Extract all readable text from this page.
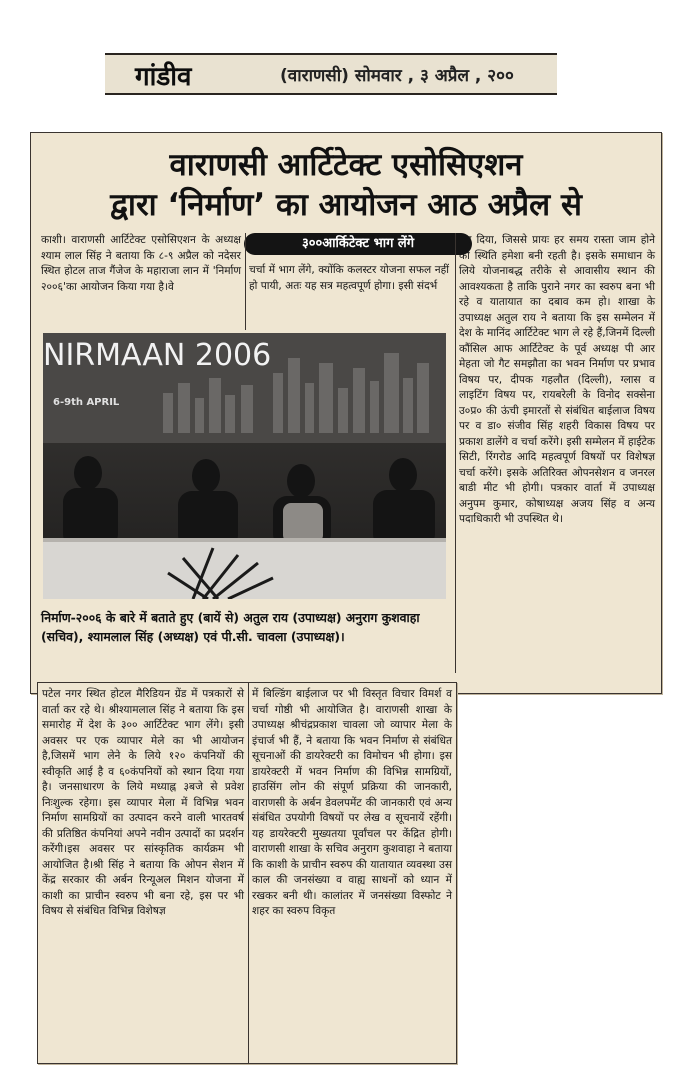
गांडीव	(वाराणसी) सोमवार , ३ अप्रैल , २००
वाराणसी आर्टिटेक्ट एसोसिएशन
द्वारा ‘निर्माण’ का आयोजन आठ अप्रैल से
काशी। वाराणसी आर्टिटेक्ट एसोसिएशन के अध्यक्ष श्याम लाल सिंह ने बताया कि ८-९ अप्रैल को नदेसर स्थित होटल ताज गैंजेज के महाराजा लान में 'निर्माण २००६'का आयोजन किया गया है।वे
३००आर्किटेक्ट भाग लेंगे
चर्चा में भाग लेंगे, क्योंकि कलस्टर योजना सफल नहीं हो पायी, अतः यह सत्र महत्वपूर्ण होगा। इसी संदर्भ
NIRMAAN 2006
6-9th APRIL
निर्माण-२००६ के बारे में बताते हुए (बायें से) अतुल राय (उपाध्यक्ष) अनुराग कुशवाहा (सचिव), श्यामलाल सिंह (अध्यक्ष) एवं पी.सी. चावला (उपाध्यक्ष)।
कर दिया, जिससे प्रायः हर समय रास्ता जाम होने की स्थिति हमेशा बनी रहती है। इसके समाधान के लिये योजनाबद्ध तरीके से आवासीय स्थान की आवश्यकता है ताकि पुराने नगर का स्वरुप बना भी रहे व यातायात का दबाव कम हो। शाखा के उपाध्यक्ष अतुल राय ने बताया कि इस सम्मेलन में देश के मानिंद आर्टिटेक्ट भाग ले रहे हैं,जिनमें दिल्ली कौंसिल आफ आर्टिटेक्ट के पूर्व अध्यक्ष पी आर मेहता जो गैट समझौता का भवन निर्माण पर प्रभाव विषय पर, दीपक गहलौत (दिल्ली), ग्लास व लाइटिंग विषय पर, रायबरेली के विनोद सक्सेना उ०प्र० की ऊंची इमारतों से संबंधित बाईलाज विषय पर व डा० संजीव सिंह शहरी विकास विषय पर प्रकाश डालेंगे व चर्चा करेंगे। इसी सम्मेलन में हाईटेक सिटी, रिंगरोड आदि महत्वपूर्ण विषयों पर विशेषज्ञ चर्चा करेंगे। इसके अतिरिक्त ओपनसेशन व जनरल बाडी मीट भी होगी। पत्रकार वार्ता में उपाध्यक्ष अनुपम कुमार, कोषाध्यक्ष अजय सिंह व अन्य पदाधिकारी भी उपस्थित थे।
पटेल नगर स्थित होटल मैरिडियन ग्रेंड में पत्रकारों से वार्ता कर रहे थे। श्रीश्यामलाल सिंह ने बताया कि इस समारोह में देश के ३०० आर्टिटेक्ट भाग लेंगे। इसी अवसर पर एक व्यापार मेले का भी आयोजन है,जिसमें भाग लेने के लिये १२० कंपनियों की स्वीकृति आई है व ६०कंपनियों को स्थान दिया गया है। जनसाधारण के लिये मध्याह्न ३बजे से प्रवेश निःशुल्क रहेगा। इस व्यापार मेला में विभिन्न भवन निर्माण सामग्रियों का उत्पादन करने वाली भारतवर्ष की प्रतिष्ठित कंपनियां अपने नवीन उत्पादों का प्रदर्शन करेंगी।इस अवसर पर सांस्कृतिक कार्यक्रम भी आयोजित है।श्री सिंह ने बताया कि ओपन सेशन में केंद्र सरकार की अर्बन रिन्यूअल मिशन योजना में काशी का प्राचीन स्वरुप भी बना रहे, इस पर भी विषय से संबंधित विभिन्न विशेषज्ञ
में बिल्डिंग बाईलाज पर भी विस्तृत विचार विमर्श व चर्चा गोष्ठी भी आयोजित है। वाराणसी शाखा के उपाध्यक्ष श्रीचंद्रप्रकाश चावला जो व्यापार मेला के इंचार्ज भी हैं, ने बताया कि भवन निर्माण से संबंधित सूचनाओं की डायरेक्टरी का विमोचन भी होगा। इस डायरेक्टरी में भवन निर्माण की विभिन्न सामग्रियों, हाउसिंग लोन की संपूर्ण प्रक्रिया की जानकारी, वाराणसी के अर्बन डेवलपमेंट की जानकारी एवं अन्य संबंधित उपयोगी विषयों पर लेख व सूचनायें रहेंगी। यह डायरेक्टरी मुख्यतया पूर्वांचल पर केंद्रित होगी। वाराणसी शाखा के सचिव अनुराग कुशवाहा ने बताया कि काशी के प्राचीन स्वरुप की यातायात व्यवस्था उस काल की जनसंख्या व वाह्य साधनों को ध्यान में रखकर बनी थी। कालांतर में जनसंख्या विस्फोट ने शहर का स्वरुप विकृत
